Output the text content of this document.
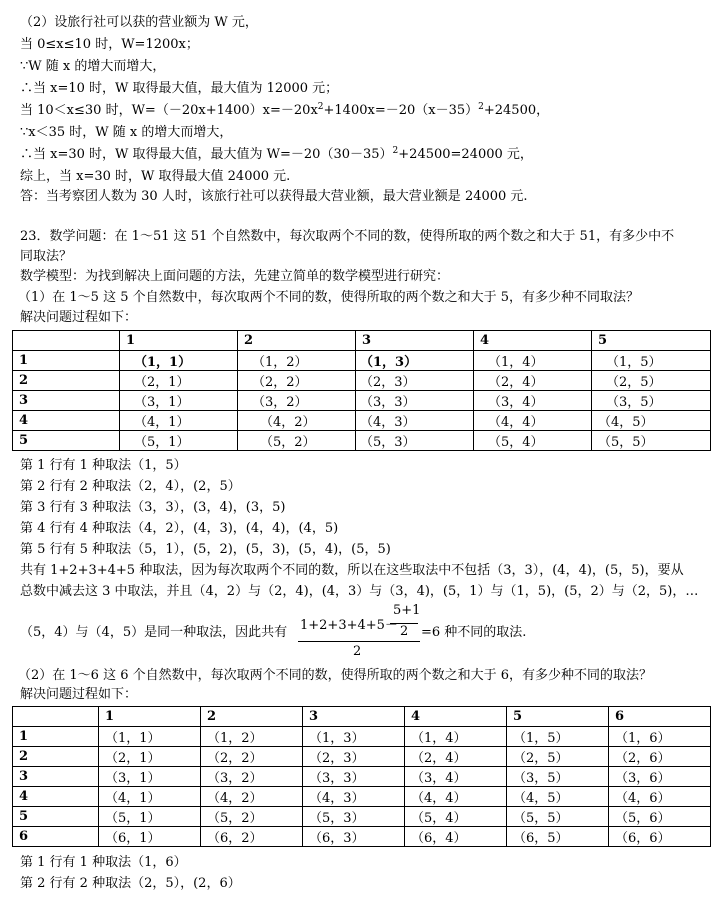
（2）设旅行社可以获的营业额为 W 元，
当 0≤x≤10 时，W=1200x；
∵W 随 x 的增大而增大，
∴当 x=10 时，W 取得最大值，最大值为 12000 元；
当 10＜x≤30 时，$W=(-20x+1400)x=-20x^2+1400x=-20(x-35)^2+24500$，
∵x＜35 时，W 随 x 的增大而增大，
∴当 x=30 时，W 取得最大值，最大值为 $W=-20(30-35)^2+24500=24000$ 元，
综上，当 x=30 时，W 取得最大值 24000 元.
答：当考察团人数为 30 人时，该旅行社可以获得最大营业额，最大营业额是 24000 元.
23．数学问题：在 1～51 这 51 个自然数中，每次取两个不同的数，使得所取的两个数之和大于 51，有多少中不
同取法？
数学模型：为找到解决上面问题的方法，先建立简单的数学模型进行研究：
（1）在 1～5 这 5 个自然数中，每次取两个不同的数，使得所取的两个数之和大于 5，有多少种不同取法？
解决问题过程如下：
	1	2	3	4	5
1	（1，1）	（1，2）	（1，3）	（1，4）	（1，5）
2	（2，1）	（2，2）	（2，3）	（2，4）	（2，5）
3	（3，1）	（3，2）	（3，3）	（3，4）	（3，5）
4	（4，1）	（4，2）	（4，3）	（4，4）	（4，5）
5	（5，1）	（5，2）	（5，3）	（5，4）	（5，5）
第 1 行有 1 种取法（1，5）
第 2 行有 2 种取法（2，4），(2，5）
第 3 行有 3 种取法（3，3），(3，4)，(3，5)
第 4 行有 4 种取法（4，2），(4，3)，(4，4)，(4，5)
第 5 行有 5 种取法（5，1），(5，2)，(5，3)，(5，4)，(5，5)
共有 1+2+3+4+5 种取法，因为每次取两个不同的数，所以在这些取法中不包括（3，3），(4，4)，(5，5)，要从
总数中减去这 3 中取法，并且（4，2）与（2，4)，(4，3）与（3，4)，(5，1）与（1，5)，(5，2）与（2，5)，…
（5，4）与（4，5）是同一种取法，因此共有 1+2+3+4+5－
5+1
2
2
=6 种不同的取法.
（2）在 1～6 这 6 个自然数中，每次取两个不同的数，使得所取的两个数之和大于 6，有多少种不同的取法？
解决问题过程如下：
	1	2	3	4	5	6
1	（1，1）	（1，2）	（1，3）	（1，4）	（1，5）	（1，6）
2	（2，1）	（2，2）	（2，3）	（2，4）	（2，5）	（2，6）
3	（3，1）	（3，2）	（3，3）	（3，4）	（3，5）	（3，6）
4	（4，1）	（4，2）	（4，3）	（4，4）	（4，5）	（4，6）
5	（5，1）	（5，2）	（5，3）	（5，4）	（5，5）	（5，6）
6	（6，1）	（6，2）	（6，3）	（6，4）	（6，5）	（6，6）
第 1 行有 1 种取法（1，6）
第 2 行有 2 种取法（2，5），(2，6）
